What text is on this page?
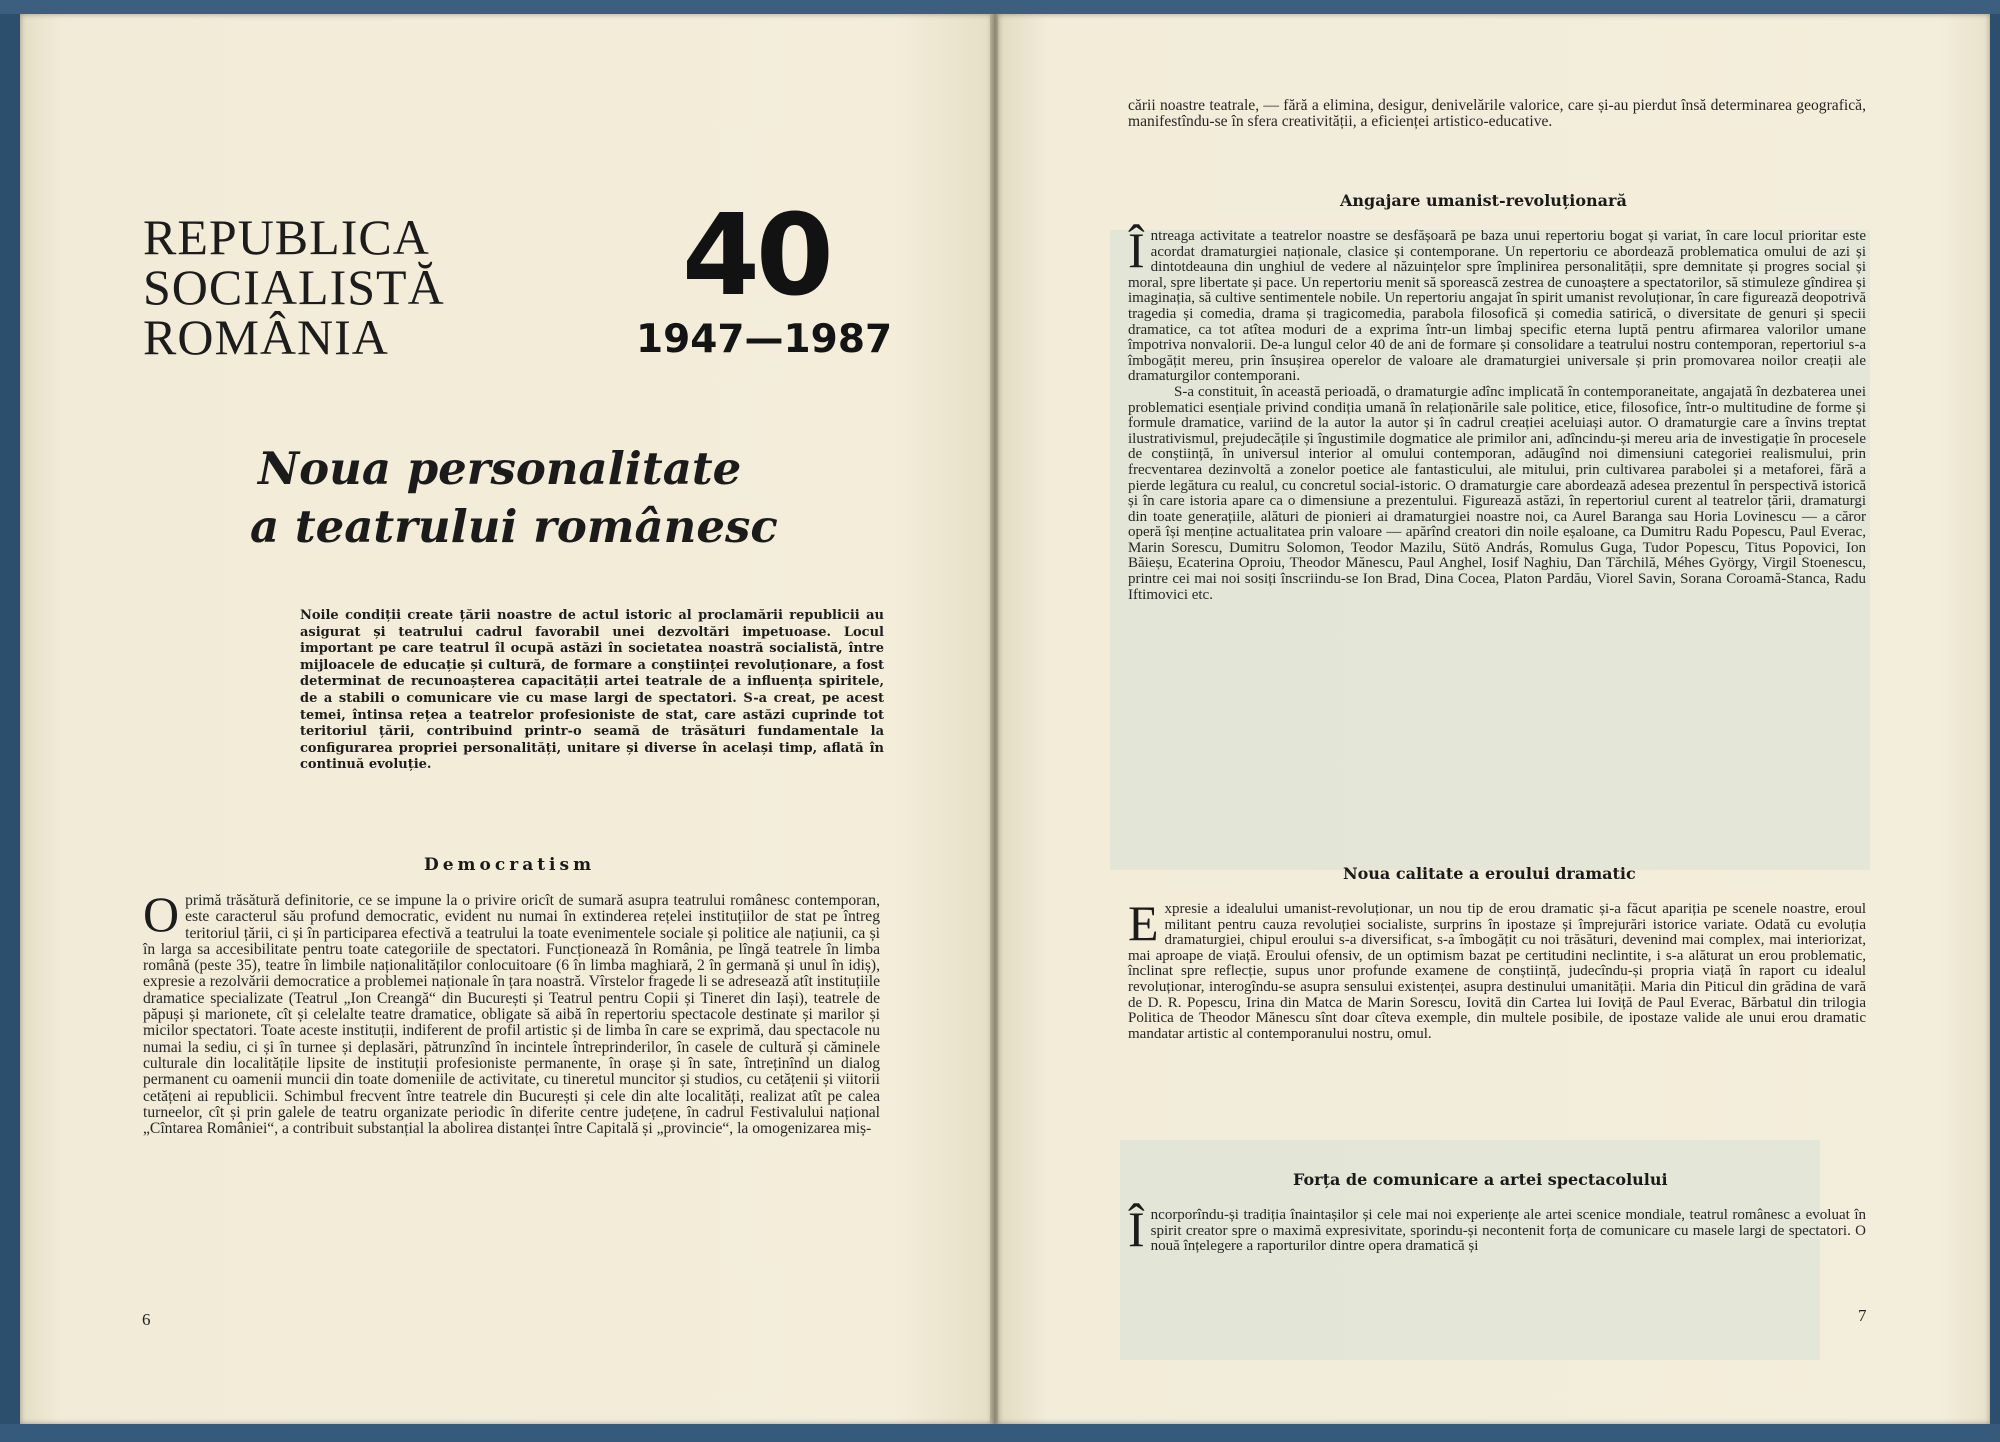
REPUBLICA
SOCIALISTĂ
ROMÂNIA
40
1947—1987
Noua personalitate
a teatrului românesc

Noile condiții create țării noastre de actul istoric al proclamării republicii au asigurat și teatrului cadrul favorabil unei dezvoltări impetuoase. Locul important pe care teatrul îl ocupă astăzi în societatea noastră socialistă, între mijloacele de educație și cultură, de formare a conștiinței revoluționare, a fost determinat de recunoașterea capacității artei teatrale de a influența spiritele, de a stabili o comunicare vie cu mase largi de spectatori. S-a creat, pe acest temei, întinsa rețea a teatrelor profesioniste de stat, care astăzi cuprinde tot teritoriul țării, contribuind printr-o seamă de trăsături fundamentale la configurarea propriei personalități, unitare și diverse în același timp, aflată în continuă evoluție.

Democratism
Oprimă trăsătură definitorie, ce se impune la o privire oricît de sumară asupra teatrului românesc contemporan, este caracterul său profund democratic, evident nu numai în extinderea rețelei instituțiilor de stat pe întreg teritoriul țării, ci și în participarea efectivă a teatrului la toate evenimentele sociale și politice ale națiunii, ca și în larga sa accesibilitate pentru toate categoriile de spectatori. Funcționează în România, pe lîngă teatrele în limba română (peste 35), teatre în limbile naționalităților conlocuitoare (6 în limba maghiară, 2 în germană și unul în idiș), expresie a rezolvării democratice a problemei naționale în țara noastră. Vîrstelor fragede li se adresează atît instituțiile dramatice specializate (Teatrul „Ion Creangă“ din București și Teatrul pentru Copii și Tineret din Iași), teatrele de păpuși și marionete, cît și celelalte teatre dramatice, obligate să aibă în repertoriu spectacole destinate și marilor și micilor spectatori. Toate aceste instituții, indiferent de profil artistic și de limba în care se exprimă, dau spectacole nu numai la sediu, ci și în turnee și deplasări, pătrunzînd în incintele întreprinderilor, în casele de cultură și căminele culturale din localitățile lipsite de instituții profesioniste permanente, în orașe și în sate, întreținînd un dialog permanent cu oamenii muncii din toate domeniile de activitate, cu tineretul muncitor și studios, cu cetățenii și viitorii cetățeni ai republicii. Schimbul frecvent între teatrele din București și cele din alte localități, realizat atît pe calea turneelor, cît și prin galele de teatru organizate periodic în diferite centre județene, în cadrul Festivalului național „Cîntarea României“, a contribuit substanțial la abolirea distanței între Capitală și „provincie“, la omogenizarea miș-
6

cării noastre teatrale, — fără a elimina, desigur, denivelările valorice, care și-au pierdut însă determinarea geografică, manifestîndu-se în sfera creativității, a eficienței artistico-educative.

Angajare umanist-revoluționară
Întreaga activitate a teatrelor noastre se desfășoară pe baza unui repertoriu bogat și variat, în care locul prioritar este acordat dramaturgiei naționale, clasice și contemporane. Un repertoriu ce abordează problematica omului de azi și dintotdeauna din unghiul de vedere al năzuințelor spre împlinirea personalității, spre demnitate și progres social și moral, spre libertate și pace. Un repertoriu menit să sporească zestrea de cunoaștere a spectatorilor, să stimuleze gîndirea și imaginația, să cultive sentimentele nobile. Un repertoriu angajat în spirit umanist revoluționar, în care figurează deopotrivă tragedia și comedia, drama și tragicomedia, parabola filosofică și comedia satirică, o diversitate de genuri și specii dramatice, ca tot atîtea moduri de a exprima într-un limbaj specific eterna luptă pentru afirmarea valorilor umane împotriva nonvalorii. De-a lungul celor 40 de ani de formare și consolidare a teatrului nostru contemporan, repertoriul s-a îmbogățit mereu, prin însușirea operelor de valoare ale dramaturgiei universale și prin promovarea noilor creații ale dramaturgilor contemporani.
S-a constituit, în această perioadă, o dramaturgie adînc implicată în contemporaneitate, angajată în dezbaterea unei problematici esențiale privind condiția umană în relaționările sale politice, etice, filosofice, într-o multitudine de forme și formule dramatice, variind de la autor la autor și în cadrul creației aceluiași autor. O dramaturgie care a învins treptat ilustrativismul, prejudecățile și îngustimile dogmatice ale primilor ani, adîncindu-și mereu aria de investigație în procesele de conștiință, în universul interior al omului contemporan, adăugînd noi dimensiuni categoriei realismului, prin frecventarea dezinvoltă a zonelor poeticе ale fantasticului, ale mitului, prin cultivarea parabolei și a metaforei, fără a pierde legătura cu realul, cu concretul social-istoric. O dramaturgie care abordează adesea prezentul în perspectivă istorică și în care istoria apare ca o dimensiune a prezentului. Figurează astăzi, în repertoriul curent al teatrelor țării, dramaturgi din toate generațiile, alături de pionieri ai dramaturgiei noastre noi, ca Aurel Baranga sau Horia Lovinescu — a căror operă își menține actualitatea prin valoare — apărînd creatori din noile eșaloane, ca Dumitru Radu Popescu, Paul Everac, Marin Sorescu, Dumitru Solomon, Teodor Mazilu, Sütö András, Romulus Guga, Tudor Popescu, Titus Popovici, Ion Băieșu, Ecaterina Oproiu, Theodor Mănescu, Paul Anghel, Iosif Naghiu, Dan Tărchilă, Méhes György, Virgil Stoenescu, printre cei mai noi sosiți înscriindu-se Ion Brad, Dina Cocea, Platon Pardău, Viorel Savin, Sorana Coroamă-Stanca, Radu Iftimovici etc.
Noua calitate a eroului dramatic
Expresie a idealului umanist-revoluționar, un nou tip de erou dramatic și-a făcut apariția pe scenele noastre, eroul militant pentru cauza revoluției socialiste, surprins în ipostaze și împrejurări istorice variate. Odată cu evoluția dramaturgiei, chipul eroului s-a diversificat, s-a îmbogățit cu noi trăsături, devenind mai complex, mai interiorizat, mai aproape de viață. Eroului ofensiv, de un optimism bazat pe certitudini neclintite, i s-a alăturat un erou problematic, înclinat spre reflecție, supus unor profunde examene de conștiință, judecîndu-și propria viață în raport cu idealul revoluționar, interogîndu-se asupra sensului existenței, asupra destinului umanității. Maria din Piticul din grădina de vară de D. R. Popescu, Irina din Matca de Marin Sorescu, Iovită din Cartea lui Ioviță de Paul Everac, Bărbatul din trilogia Politica de Theodor Mănescu sînt doar cîteva exemple, din multele posibile, de ipostaze valide ale unui erou dramatic mandatar artistic al contemporanului nostru, omul.
Forța de comunicare a artei spectacolului
Încorporîndu-și tradiția înaintașilor și cele mai noi experiențe ale artei scenice mondiale, teatrul românesc a evoluat în spirit creator spre o maximă expresivitate, sporindu-și necontenit forța de comunicare cu masele largi de spectatori. O nouă înțelegere a raporturilor dintre opera dramatică și
7
